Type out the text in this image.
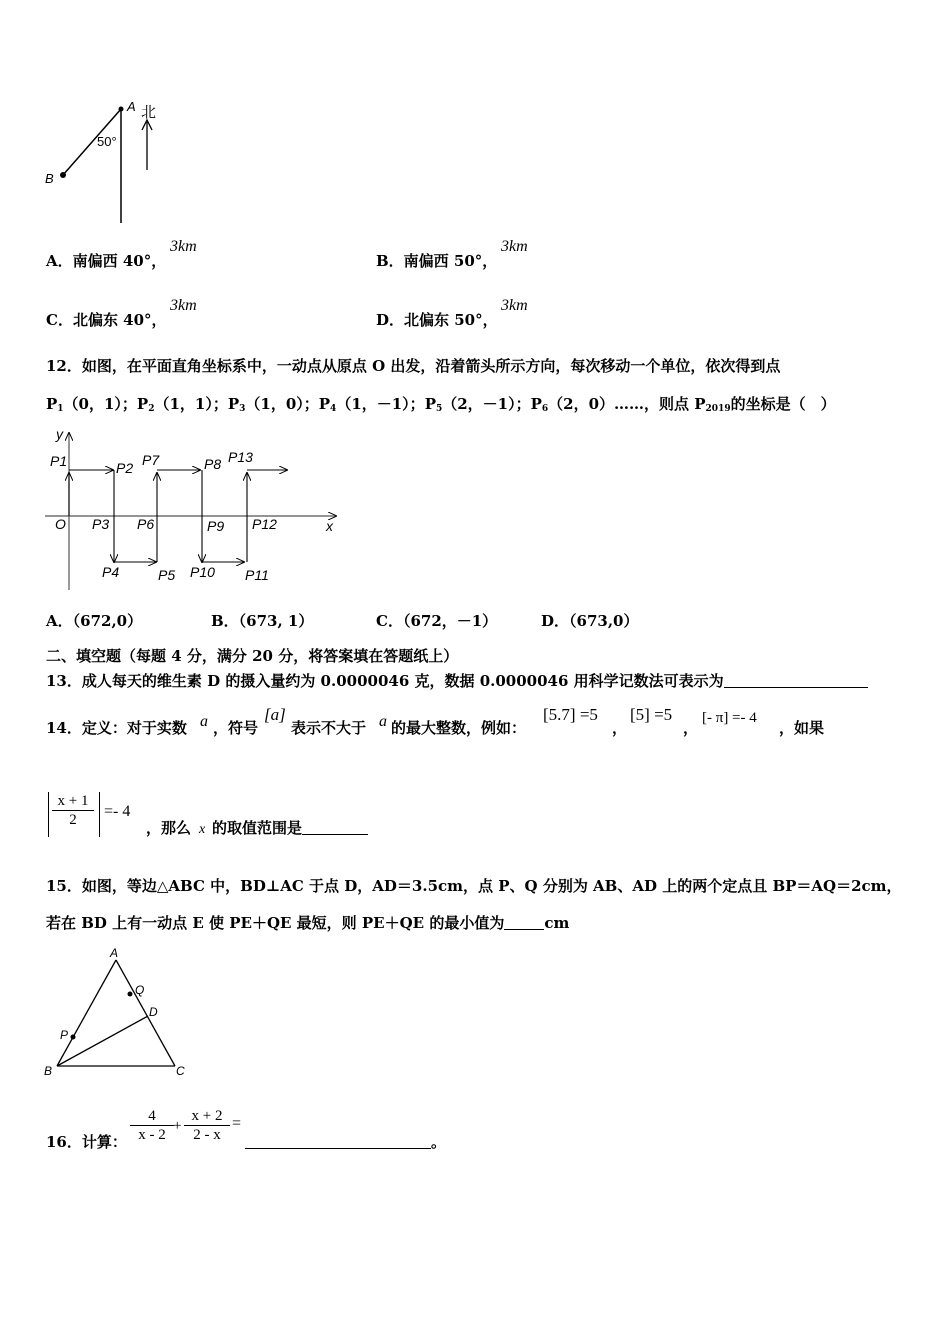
A
B
北
50°
A．南偏西 40°，
3km
B．南偏西 50°，
3km
C．北偏东 40°，
3km
D．北偏东 50°，
3km
12．如图，在平面直角坐标系中，一动点从原点 O 出发，沿着箭头所示方向，每次移动一个单位，依次得到点
$P_1(0$，1）；$P_2(1$，1）；$P_3(1$，0）；$P_4(1$，－1）；$P_5(2$，－1）；$P_6(2$，0）……，则点 $P_{2019}$的坐标是（　）
y
x
O
P1	P2 P7	P8 P13
P3 P6	P9 P12
P4	P5 P10 P11
A．（672,0）	B．（673, 1）	C．（672，－1）	D．（673,0）
二、填空题（每题 4 分，满分 20 分，将答案填在答题纸上）
13．成人每天的维生素 D 的摄入量约为 0.0000046 克，数据 0.0000046 用科学记数法可表示为
14．定义：对于实数 a ，符号
[a]
表示不大于 a 的最大整数，例如：
[5.7] =5
，
[5] =5
，
[- π] =- 4
，如果
$\frac{x + 1}{2} =- 4$
，那么 x 的取值范围是
15．如图，等边△ABC 中，BD⊥AC 于点 D，AD＝3.5cm，点 P、Q 分别为 AB、AD 上的两个定点且 BP＝AQ＝2cm，
若在 BD 上有一动点 E 使 PE＋QE 最短，则 PE＋QE 的最小值为	cm
A
B	C
D
P
Q
16．计算： $\frac{4}{x - 2} + \frac{x + 2}{2 - x}$ =
。
